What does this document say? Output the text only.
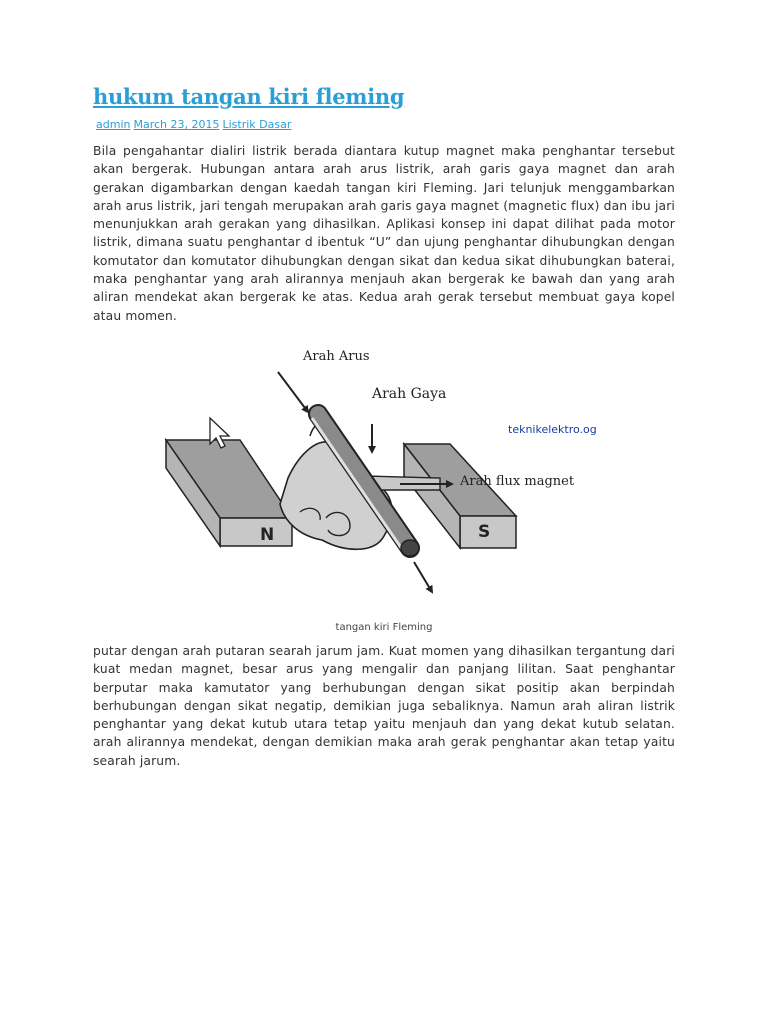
hukum tangan kiri fleming
admin March 23, 2015 Listrik Dasar

Bila pengahantar dialiri listrik berada diantara kutup magnet maka penghantar tersebut akan bergerak. Hubungan antara arah arus listrik, arah garis gaya magnet dan arah gerakan digambarkan dengan kaedah tangan kiri Fleming. Jari telunjuk menggambarkan arah arus listrik, jari tengah merupakan arah garis gaya magnet (magnetic flux) dan ibu jari menunjukkan arah gerakan yang dihasilkan. Aplikasi konsep ini dapat dilihat pada motor listrik, dimana suatu penghantar d ibentuk “U” dan ujung penghantar dihubungkan dengan komutator dan komutator dihubungkan dengan sikat dan kedua sikat dihubungkan baterai, maka penghantar yang arah alirannya menjauh akan bergerak ke bawah dan yang arah aliran mendekat akan bergerak ke atas. Kedua arah gerak tersebut membuat gaya kopel atau momen.

Arah Arus
Arah Gaya
teknikelektro.og
Arah flux magnet
N	S
tangan kiri Fleming

putar dengan arah putaran searah jarum jam. Kuat momen yang dihasilkan tergantung dari kuat medan magnet, besar arus yang mengalir dan panjang lilitan. Saat penghantar berputar maka kamutator yang berhubungan dengan sikat positip akan berpindah berhubungan dengan sikat negatip, demikian juga sebaliknya. Namun arah aliran listrik penghantar yang dekat kutub utara tetap yaitu menjauh dan yang dekat kutub selatan. arah alirannya mendekat, dengan demikian maka arah gerak penghantar akan tetap yaitu searah jarum.
